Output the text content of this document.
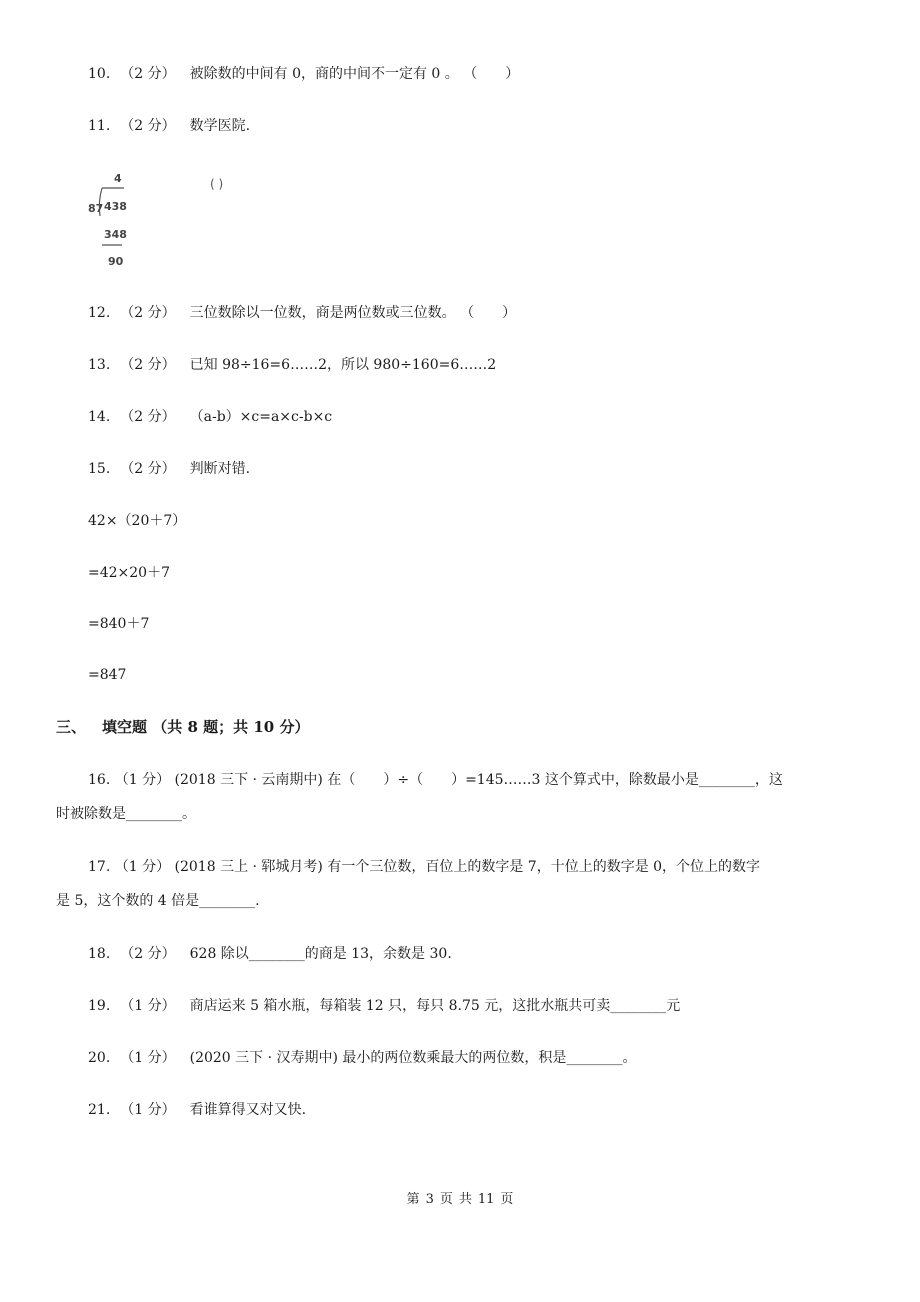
10. （2 分） 被除数的中间有 0，商的中间不一定有 0 。 （　　）
11. （2 分） 数学医院.
4
87 438
348
90
( )
12. （2 分） 三位数除以一位数，商是两位数或三位数。 （　　）
13. （2 分） 已知 98÷16=6……2，所以 980÷160=6……2
14. （2 分） （a-b）×c=a×c-b×c
15. （2 分） 判断对错.
42×（20＋7）
=42×20＋7
=840＋7
=847
三、 填空题 （共 8 题；共 10 分）
16. （1 分） (2018 三下 · 云南期中) 在（　　）÷（　　）=145……3 这个算式中，除数最小是________，这
时被除数是________。
17. （1 分） (2018 三上 · 郓城月考) 有一个三位数，百位上的数字是 7，十位上的数字是 0，个位上的数字
是 5，这个数的 4 倍是________.
18. （2 分） 628 除以________的商是 13，余数是 30.
19. （1 分） 商店运来 5 箱水瓶，每箱装 12 只，每只 8.75 元，这批水瓶共可卖________元
20. （1 分） (2020 三下 · 汉寿期中) 最小的两位数乘最大的两位数，积是________。
21. （1 分） 看谁算得又对又快.
第 3 页 共 11 页
